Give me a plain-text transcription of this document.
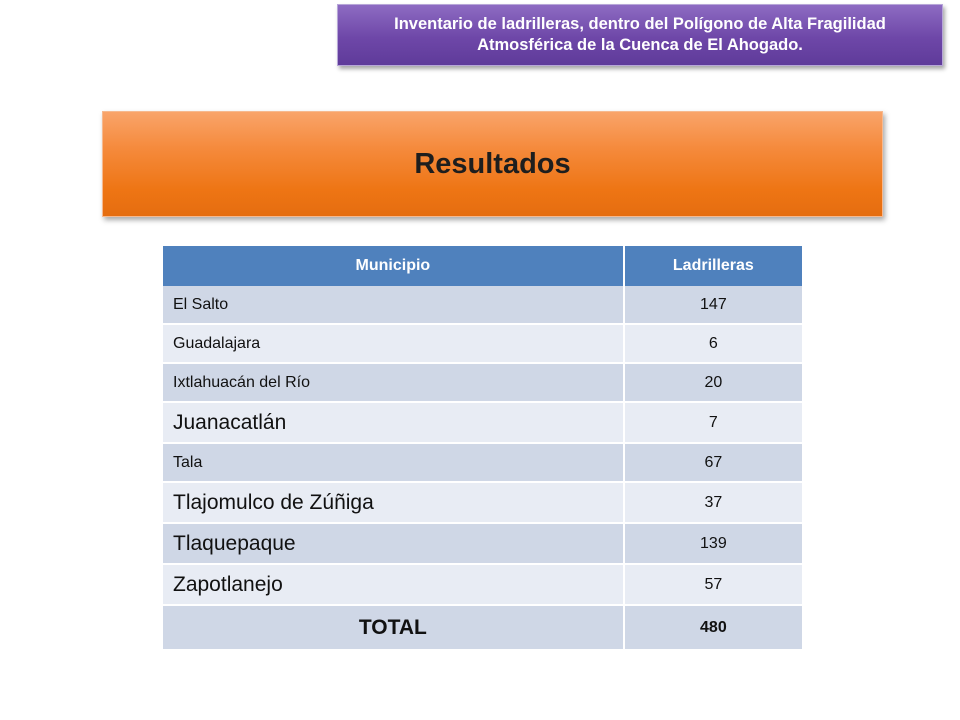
Inventario de ladrilleras, dentro del Polígono de Alta Fragilidad Atmosférica de la Cuenca de El Ahogado.
Resultados
Municipio	Ladrilleras
El Salto	147
Guadalajara	6
Ixtlahuacán del Río	20
Juanacatlán	7
Tala	67
Tlajomulco de Zúñiga	37
Tlaquepaque	139
Zapotlanejo	57
TOTAL	480
